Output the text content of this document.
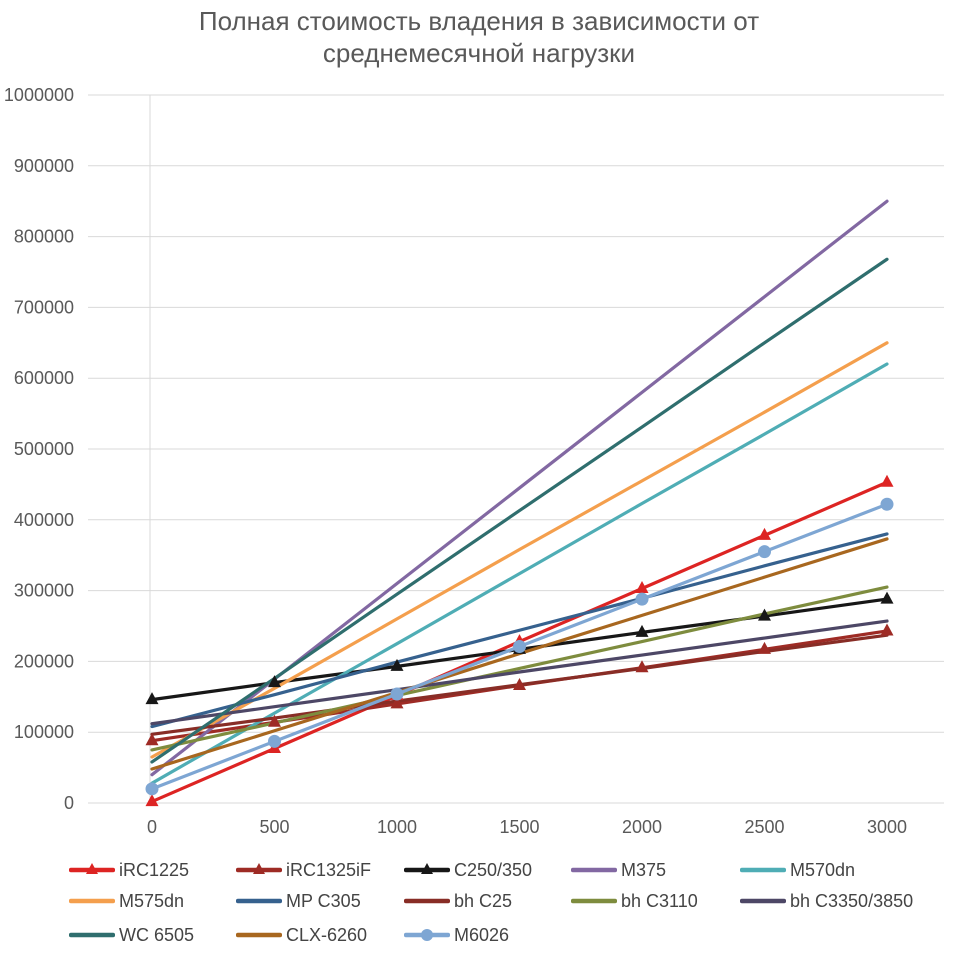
Полная стоимость владения в зависимости от среднемесячной нагрузки
0
100000
200000
300000
400000
500000
600000
700000
800000
900000
1000000
0	500	1000	1500	2000	2500	3000
iRC1225	iRC1325iF	C250/350	M375	M570dn
M575dn	MP C305	bh C25	bh C3110	bh C3350/3850
WC 6505	CLX-6260	M6026
